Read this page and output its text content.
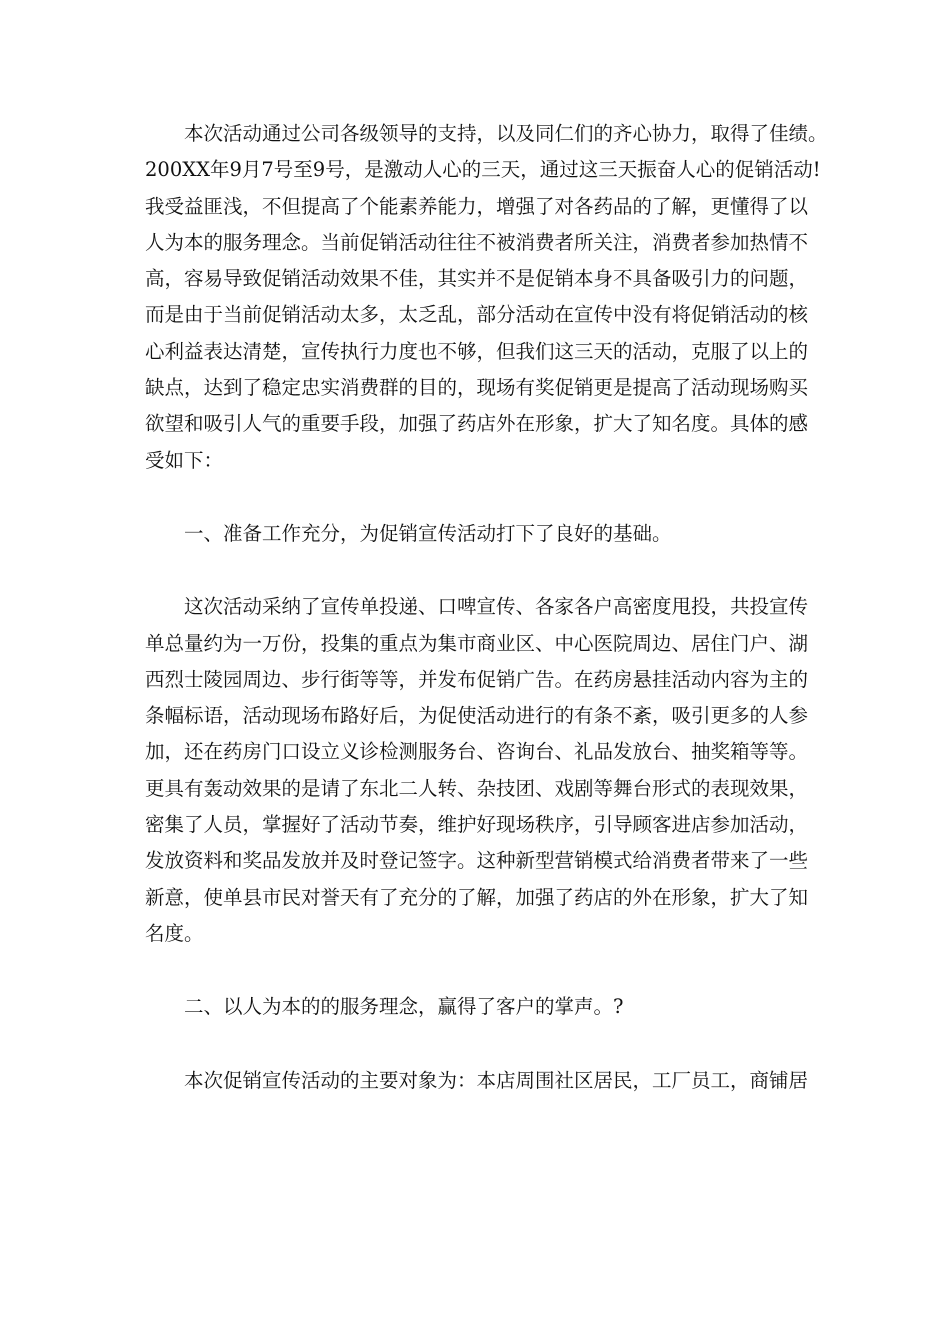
本次活动通过公司各级领导的支持，以及同仁们的齐心协力，取得了佳绩。
200XX年9月7号至9号，是激动人心的三天，通过这三天振奋人心的促销活动!
我受益匪浅，不但提高了个能素养能力，增强了对各药品的了解，更懂得了以
人为本的服务理念。当前促销活动往往不被消费者所关注，消费者参加热情不
高，容易导致促销活动效果不佳，其实并不是促销本身不具备吸引力的问题，
而是由于当前促销活动太多，太乏乱，部分活动在宣传中没有将促销活动的核
心利益表达清楚，宣传执行力度也不够，但我们这三天的活动，克服了以上的
缺点，达到了稳定忠实消费群的目的，现场有奖促销更是提高了活动现场购买
欲望和吸引人气的重要手段，加强了药店外在形象，扩大了知名度。具体的感
受如下：

一、准备工作充分，为促销宣传活动打下了良好的基础。

这次活动采纳了宣传单投递、口啤宣传、各家各户高密度甩投，共投宣传
单总量约为一万份，投集的重点为集市商业区、中心医院周边、居住门户、湖
西烈士陵园周边、步行街等等，并发布促销广告。在药房悬挂活动内容为主的
条幅标语，活动现场布路好后，为促使活动进行的有条不紊，吸引更多的人参
加，还在药房门口设立义诊检测服务台、咨询台、礼品发放台、抽奖箱等等。
更具有轰动效果的是请了东北二人转、杂技团、戏剧等舞台形式的表现效果，
密集了人员，掌握好了活动节奏，维护好现场秩序，引导顾客进店参加活动，
发放资料和奖品发放并及时登记签字。这种新型营销模式给消费者带来了一些
新意，使单县市民对誉天有了充分的了解，加强了药店的外在形象，扩大了知
名度。

二、以人为本的的服务理念，赢得了客户的掌声。?

本次促销宣传活动的主要对象为：本店周围社区居民，工厂员工，商铺居
